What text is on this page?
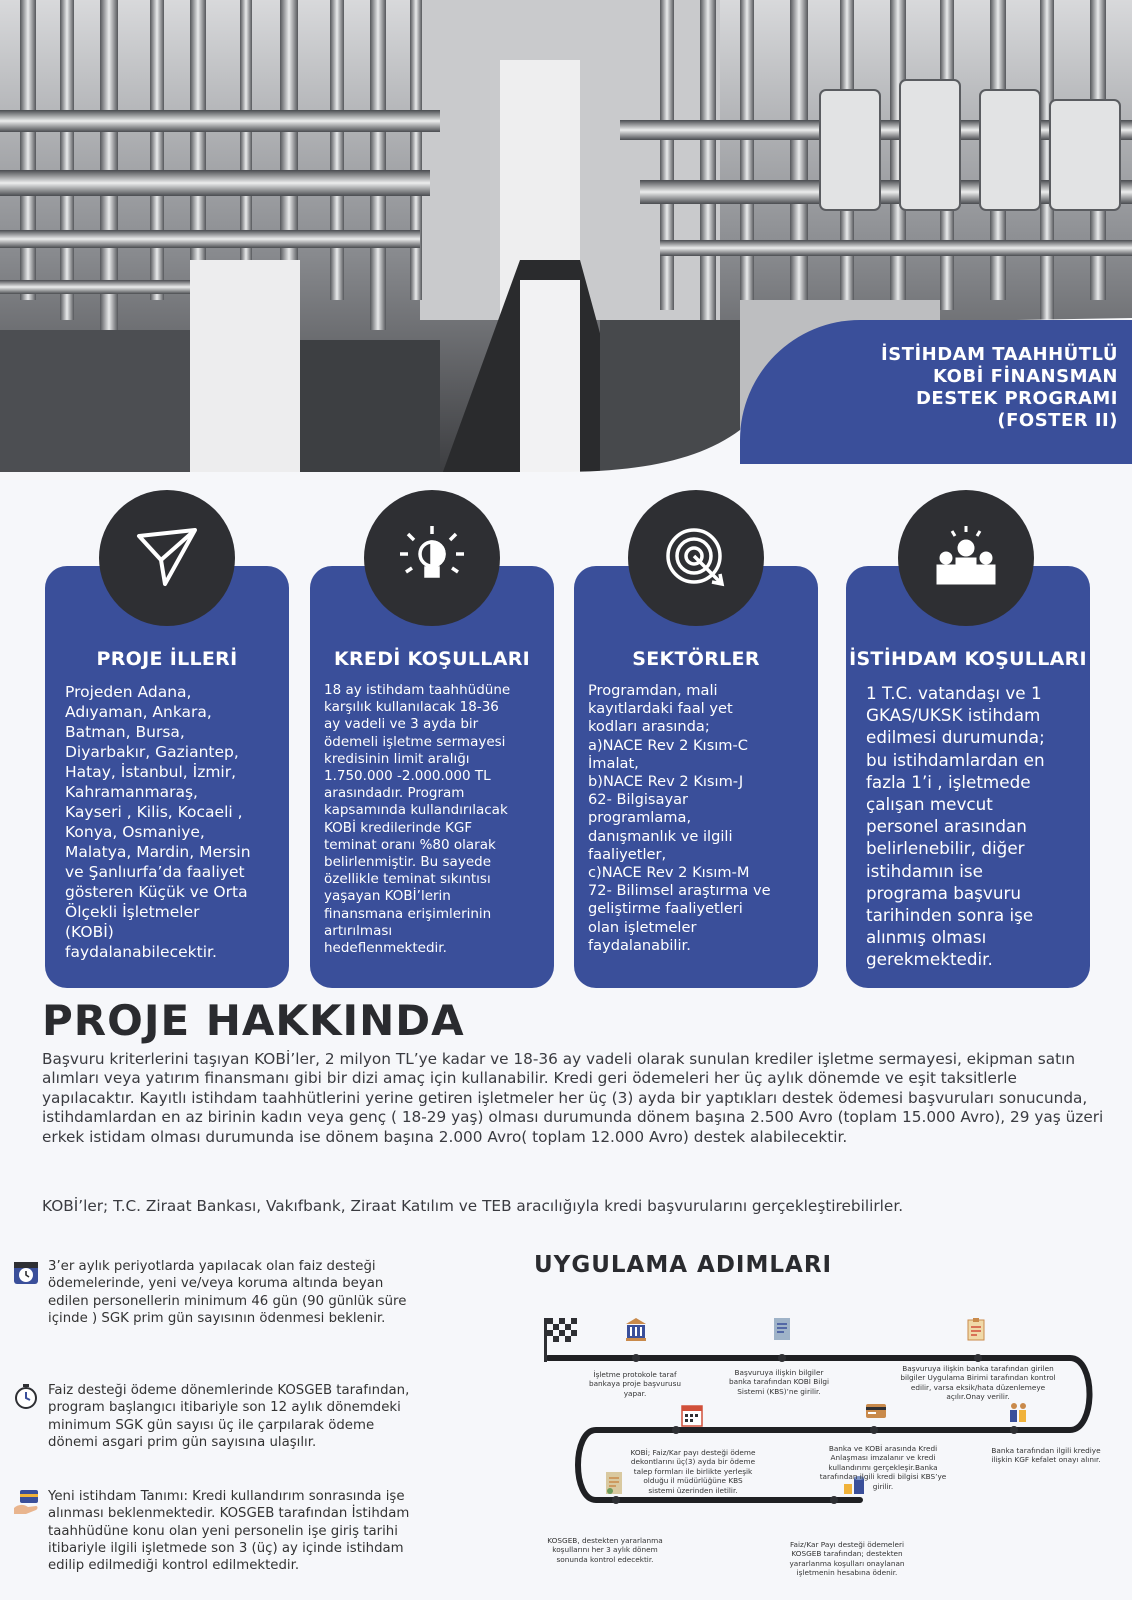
İSTİHDAM TAAHHÜTLÜ
KOBİ FİNANSMAN
DESTEK PROGRAMI
(FOSTER II)
PROJE İLLERİ
Projeden Adana,
Adıyaman, Ankara,
Batman, Bursa,
Diyarbakır, Gaziantep,
Hatay, İstanbul, İzmir,
Kahramanmaraş,
Kayseri , Kilis, Kocaeli ,
Konya, Osmaniye,
Malatya, Mardin, Mersin
ve Şanlıurfa’da faaliyet
gösteren Küçük ve Orta
Ölçekli İşletmeler
(KOBİ)
faydalanabilecektir.
KREDİ KOŞULLARI
18 ay istihdam taahhüdüne
karşılık kullanılacak 18-36
ay vadeli ve 3 ayda bir
ödemeli işletme sermayesi
kredisinin limit aralığı
1.750.000 -2.000.000 TL
arasındadır. Program
kapsamında kullandırılacak
KOBİ kredilerinde KGF
teminat oranı %80 olarak
belirlenmiştir. Bu sayede
özellikle teminat sıkıntısı
yaşayan KOBİ’lerin
finansmana erişimlerinin
artırılması
hedeflenmektedir.
SEKTÖRLER
Programdan, mali
kayıtlardaki faal yet
kodları arasında;
a)NACE Rev 2 Kısım-C
İmalat,
b)NACE Rev 2 Kısım-J
62- Bilgisayar
programlama,
danışmanlık ve ilgili
faaliyetler,
c)NACE Rev 2 Kısım-M
72- Bilimsel araştırma ve
geliştirme faaliyetleri
olan işletmeler
faydalanabilir.
İSTİHDAM KOŞULLARI
1 T.C. vatandaşı ve 1
GKAS/UKSK istihdam
edilmesi durumunda;
bu istihdamlardan en
fazla 1’i , işletmede
çalışan mevcut
personel arasından
belirlenebilir, diğer
istihdamın ise
programa başvuru
tarihinden sonra işe
alınmış olması
gerekmektedir.
PROJE HAKKINDA
Başvuru kriterlerini taşıyan KOBİ’ler, 2 milyon TL’ye kadar ve 18-36 ay vadeli olarak sunulan krediler işletme sermayesi, ekipman satın alımları veya yatırım finansmanı gibi bir dizi amaç için kullanabilir. Kredi geri ödemeleri her üç aylık dönemde ve eşit taksitlerle yapılacaktır. Kayıtlı istihdam taahhütlerini yerine getiren işletmeler her üç (3) ayda bir yaptıkları destek ödemesi başvuruları sonucunda, istihdamlardan en az birinin kadın veya genç ( 18-29 yaş) olması durumunda dönem başına 2.500 Avro (toplam 15.000 Avro), 29 yaş üzeri erkek istidam olması durumunda ise dönem başına 2.000 Avro( toplam 12.000 Avro) destek alabilecektir.
KOBİ’ler; T.C. Ziraat Bankası, Vakıfbank, Ziraat Katılım ve TEB aracılığıyla kredi başvurularını gerçekleştirebilirler.
3’er aylık periyotlarda yapılacak olan faiz desteği ödemelerinde, yeni ve/veya koruma altında beyan edilen personellerin minimum 46 gün (90 günlük süre içinde ) SGK prim gün sayısının ödenmesi beklenir.
Faiz desteği ödeme dönemlerinde KOSGEB tarafından, program başlangıcı itibariyle son 12 aylık dönemdeki minimum SGK gün sayısı üç ile çarpılarak ödeme dönemi asgari prim gün sayısına ulaşılır.
Yeni istihdam Tanımı: Kredi kullandırım sonrasında işe alınması beklenmektedir. KOSGEB tarafından İstihdam taahhüdüne konu olan yeni personelin işe giriş tarihi itibariyle ilgili işletmede son 3 (üç) ay içinde istihdam edilip edilmediği kontrol edilmektedir.
UYGULAMA ADIMLARI
İşletme protokole taraf bankaya proje başvurusu yapar.
Başvuruya ilişkin bilgiler banka tarafından KOBİ Bilgi Sistemi (KBS)’ne girilir.
Başvuruya ilişkin banka tarafından girilen bilgiler Uygulama Birimi tarafından kontrol edilir, varsa eksik/hata düzenlemeye açılır.Onay verilir.
Banka tarafından ilgili krediye ilişkin KGF kefalet onayı alınır.
Banka ve KOBİ arasında Kredi Anlaşması imzalanır ve kredi kullandırımı gerçekleşir.Banka tarafından ilgili kredi bilgisi KBS’ye girilir.
KOBİ; Faiz/Kar payı desteği ödeme dekontlarını üç(3) ayda bir ödeme talep formları ile birlikte yerleşik olduğu il müdürlüğüne KBS sistemi üzerinden iletilir.
Faiz/Kar Payı desteği ödemeleri KOSGEB tarafından; destekten yararlanma koşulları onaylanan işletmenin hesabına ödenir.
KOSGEB, destekten yararlanma koşullarını her 3 aylık dönem sonunda kontrol edecektir.
